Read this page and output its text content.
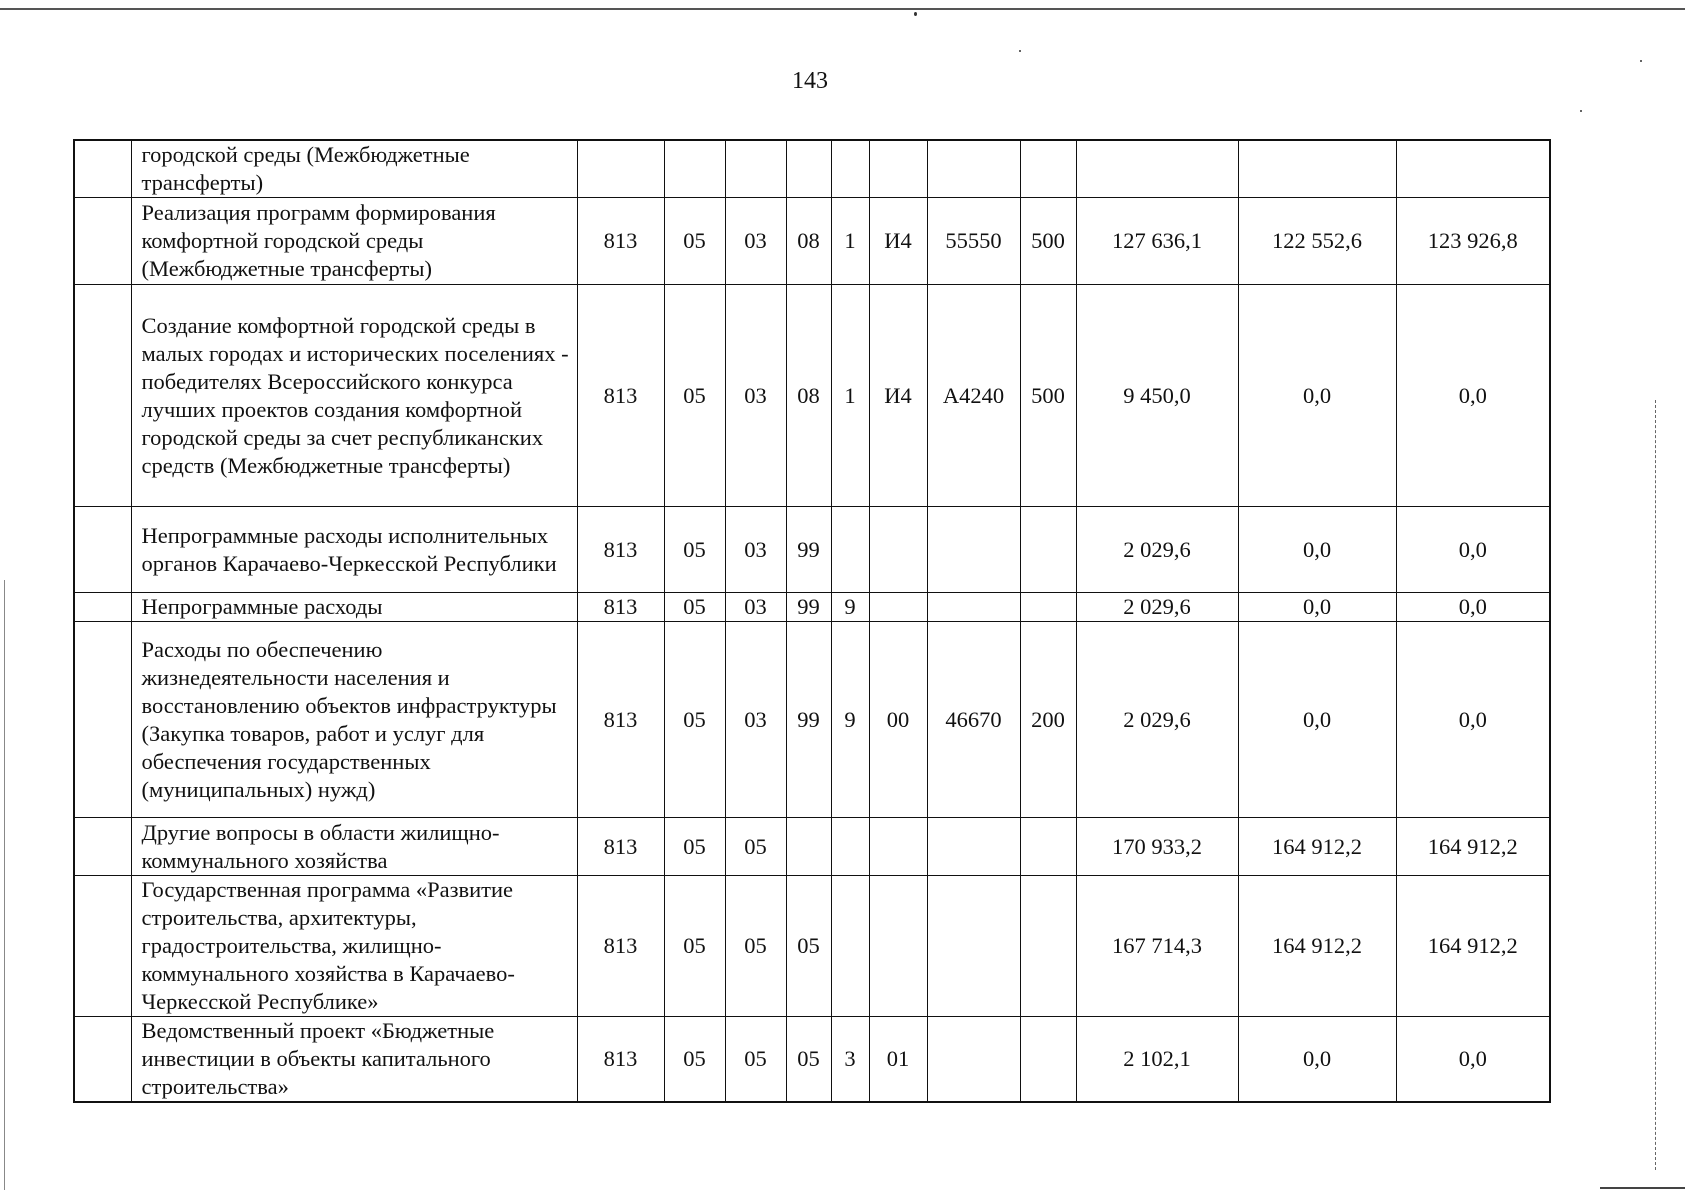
143
	городской среды (Межбюджетные трансферты)											
	Реализация программ формирования комфортной городской среды (Межбюджетные трансферты)	813	05	03	08	1	И4	55550	500	127 636,1	122 552,6	123 926,8
	Создание комфортной городской среды в малых городах и исторических поселениях - победителях Всероссийского конкурса лучших проектов создания комфортной городской среды за счет республиканских средств (Межбюджетные трансферты)	813	05	03	08	1	И4	А4240	500	9 450,0	0,0	0,0
	Непрограммные расходы исполнительных органов Карачаево-Черкесской Республики	813	05	03	99					2 029,6	0,0	0,0
	Непрограммные расходы	813	05	03	99	9				2 029,6	0,0	0,0
	Расходы по обеспечению жизнедеятельности населения и восстановлению объектов инфраструктуры (Закупка товаров, работ и услуг для обеспечения государственных (муниципальных) нужд)	813	05	03	99	9	00	46670	200	2 029,6	0,0	0,0
	Другие вопросы в области жилищно-коммунального хозяйства	813	05	05						170 933,2	164 912,2	164 912,2
	Государственная программа «Развитие строительства, архитектуры, градостроительства, жилищно-коммунального хозяйства в Карачаево-Черкесской Республике»	813	05	05	05					167 714,3	164 912,2	164 912,2
	Ведомственный проект «Бюджетные инвестиции в объекты капитального строительства»	813	05	05	05	3	01			2 102,1	0,0	0,0
